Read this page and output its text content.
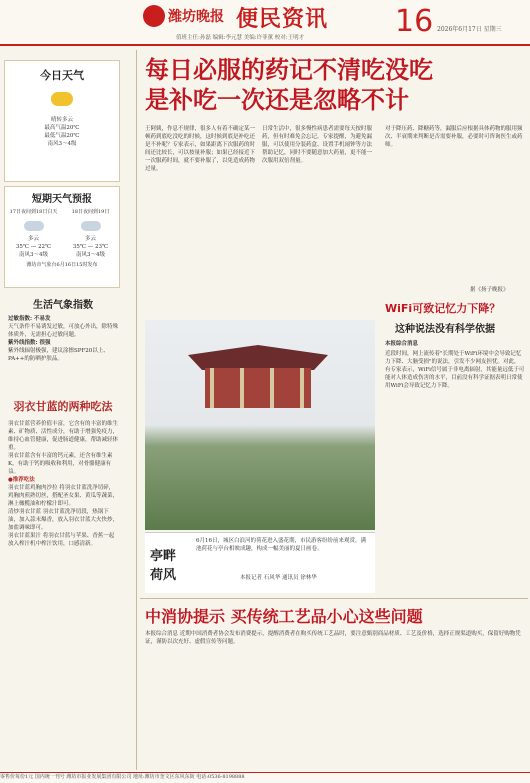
潍坊晚报 便民资讯 16 2026年6月17日 星期三
值班主任:孙磊 编辑:李元慧 美编:许菲薰 校对:王明才
今日天气
晴转多云
最高气温20℃
最低气温20℃
南风3～4级
短期天气预报
17日夜间到18日白天
多云
35℃ — 22℃
南风3～4级
18日夜间到19日
多云
35℃ — 23℃
南风3～4级
潍坊市气象台6月16日15时发布
生活气象指数
过敏指数: 不易发
天气条件不易诱发过敏，可放心外出，除特殊体质外，无需担心过敏问题。
紫外线指数: 很强
紫外线辐射极强，建议涂擦SPF20以上、PA++的防晒护肤品。
羽衣甘蓝的两种吃法
羽衣甘蓝营养价值丰富，它含有的丰富的维生素、矿物质、活性成分，有助于增强免疫力，维持心血管健康，促进肠道健康，帮助减轻体重。
羽衣甘蓝含有丰富的钙元素，还含有维生素K，有助于钙的吸收和利用，对骨骼健康有益。
●推荐吃法
羽衣甘蓝鸡胸肉沙拉 将羽衣甘蓝洗净切碎，鸡胸肉煎熟切丝，搭配圣女果、黄瓜等蔬菜，淋上橄榄油和柠檬汁即可。
清炒羽衣甘蓝 羽衣甘蓝洗净切段，热锅下油，加入蒜末爆香，放入羽衣甘蓝大火快炒，加盐调味即可。
羽衣甘蓝果汁 将羽衣甘蓝与苹果、香蕉一起放入榨汁机中榨汁饮用，口感清新。
每日必服的药记不清吃没吃
是补吃一次还是忽略不计
王阿姨，作息不规律，很多人有着不确定某一顿药到底吃没吃的时候，这时候到底是补吃还是不补呢？专家表示，如果距离下次服药的时间还比较长，可以按量补服；如果已经接近下一次服药时间，就不要补服了，以免造成药物过量。
日常生活中，很多慢性病患者需要每天按时服药，但有时难免会忘记。专家提醒，为避免漏服，可以使用分装药盒、设置手机闹钟等方法帮助记忆，同时不要随意加大药量，更不能一次服用双倍剂量。
对于降压药、降糖药等，漏服后应根据具体药物的服用频次、半衰期来判断是否需要补服，必要时可咨询医生或药师。
据《扬子晚报》
亭畔
荷风
6月16日，城区白浪河的荷花进入盛花期，市民游客纷纷前来观赏。满池荷花与亭台相映成趣，构成一幅美丽的夏日画卷。
本报记者 石风华 通讯员 徐林华
WiFi可致记忆力下降？
这种说法没有科学依据
本报综合消息
近段时间，网上流传着"长期处于WiFi环境中会导致记忆力下降、大脑受损"的说法，引发不少网友担忧。对此，有专家表示，WiFi信号属于非电离辐射，其能量远低于可能对人体造成伤害的水平，目前没有科学证据表明日常使用WiFi会导致记忆力下降。
中消协提示 买传统工艺品小心这些问题
本报综合消息 近期中国消费者协会发布消费提示，提醒消费者在购买传统工艺品时，要注意甄别商品材质、工艺及价格，选择正规渠道购买，保留好购物凭证，谨防以次充好、虚假宣传等问题。
零售价每份1元 国内统一刊号 潍坊市报业发展集团有限公司 地址:潍坊市奎文区东风东街 电话:0536-8198888
